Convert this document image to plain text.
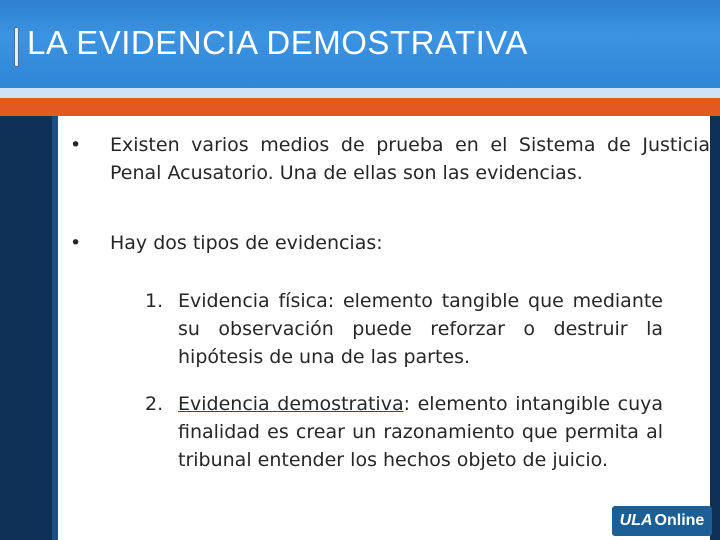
LA EVIDENCIA DEMOSTRATIVA
•	Existen varios medios de prueba en el Sistema de Justicia Penal Acusatorio. Una de ellas son las evidencias.
•	Hay dos tipos de evidencias:
1. Evidencia física: elemento tangible que mediante su observación puede reforzar o destruir la hipótesis de una de las partes.
2. Evidencia demostrativa: elemento intangible cuya finalidad es crear un razonamiento que permita al tribunal entender los hechos objeto de juicio.
ULA Online
